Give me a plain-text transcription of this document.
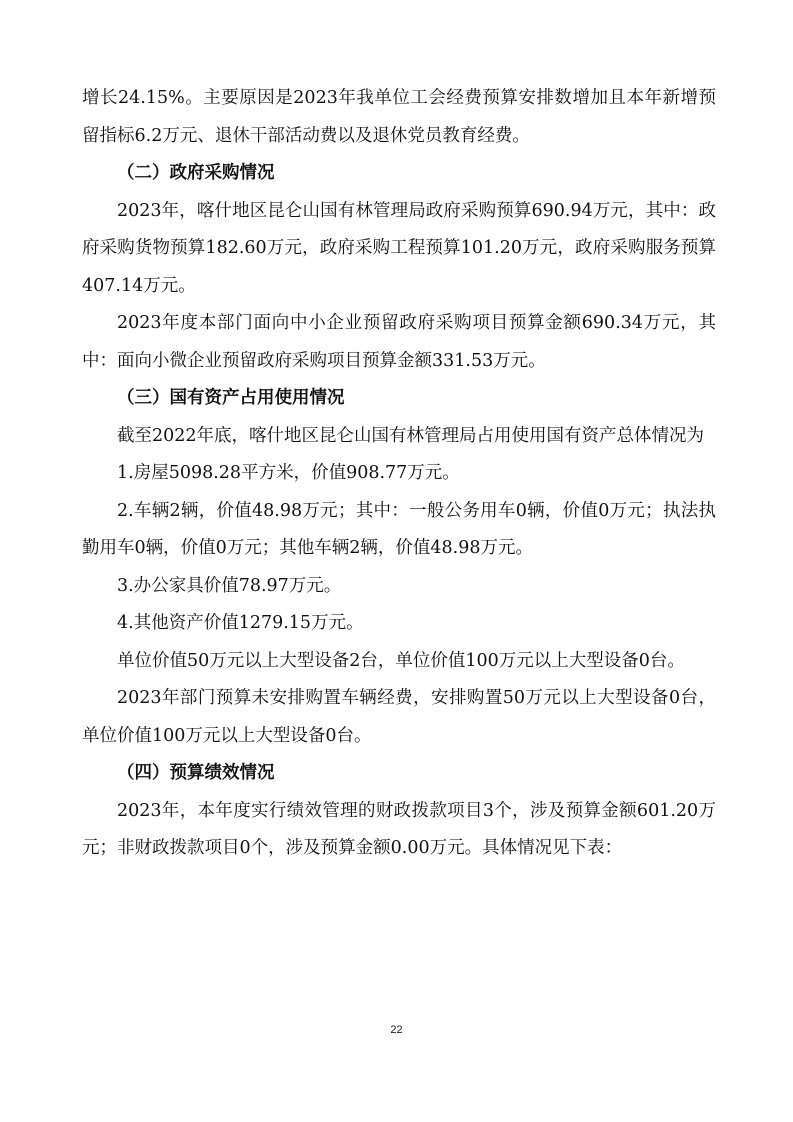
增长24.15%。主要原因是2023年我单位工会经费预算安排数增加且本年新增预留指标6.2万元、退休干部活动费以及退休党员教育经费。

（二）政府采购情况

2023年，喀什地区昆仑山国有林管理局政府采购预算690.94万元，其中：政府采购货物预算182.60万元，政府采购工程预算101.20万元，政府采购服务预算407.14万元。

2023年度本部门面向中小企业预留政府采购项目预算金额690.34万元，其中：面向小微企业预留政府采购项目预算金额331.53万元。

（三）国有资产占用使用情况

截至2022年底，喀什地区昆仑山国有林管理局占用使用国有资产总体情况为

1.房屋5098.28平方米，价值908.77万元。

2.车辆2辆，价值48.98万元；其中：一般公务用车0辆，价值0万元；执法执勤用车0辆，价值0万元；其他车辆2辆，价值48.98万元。

3.办公家具价值78.97万元。

4.其他资产价值1279.15万元。

单位价值50万元以上大型设备2台，单位价值100万元以上大型设备0台。

2023年部门预算未安排购置车辆经费，安排购置50万元以上大型设备0台，单位价值100万元以上大型设备0台。

（四）预算绩效情况

2023年，本年度实行绩效管理的财政拨款项目3个，涉及预算金额601.20万元；非财政拨款项目0个，涉及预算金额0.00万元。具体情况见下表：

22
